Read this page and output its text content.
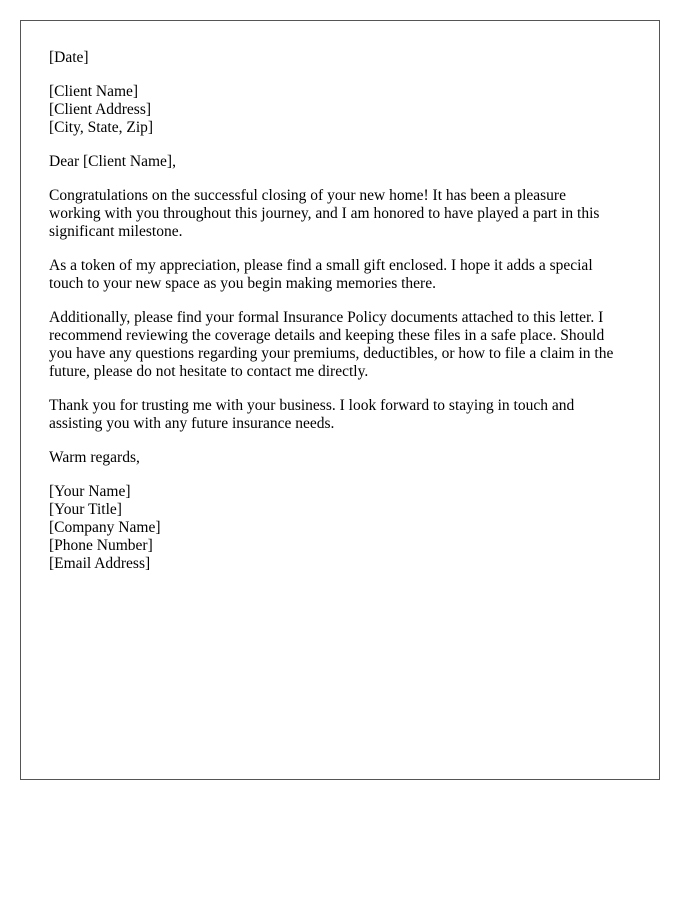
[Date]
[Client Name]
[Client Address]
[City, State, Zip]
Dear [Client Name],
Congratulations on the successful closing of your new home! It has been a pleasure
working with you throughout this journey, and I am honored to have played a part in this
significant milestone.
As a token of my appreciation, please find a small gift enclosed. I hope it adds a special
touch to your new space as you begin making memories there.
Additionally, please find your formal Insurance Policy documents attached to this letter. I
recommend reviewing the coverage details and keeping these files in a safe place. Should
you have any questions regarding your premiums, deductibles, or how to file a claim in the
future, please do not hesitate to contact me directly.
Thank you for trusting me with your business. I look forward to staying in touch and
assisting you with any future insurance needs.
Warm regards,
[Your Name]
[Your Title]
[Company Name]
[Phone Number]
[Email Address]
